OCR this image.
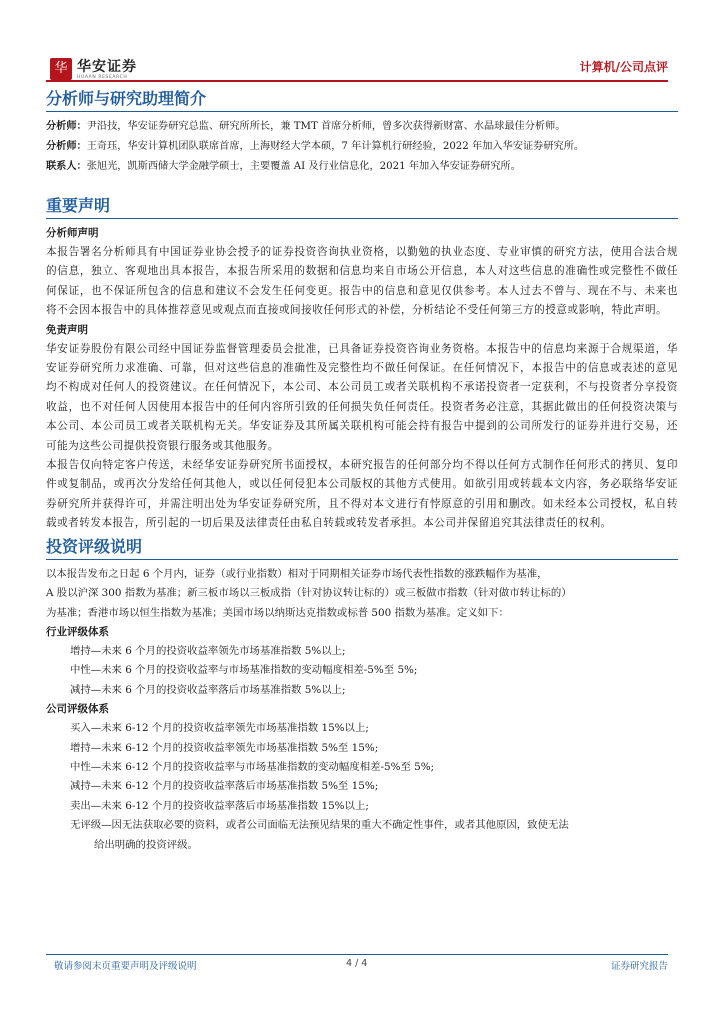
华 华安证券
HUAAN RESEARCH
计算机/公司点评
分析师与研究助理简介
分析师：尹沿技，华安证券研究总监、研究所所长，兼 TMT 首席分析师，曾多次获得新财富、水晶球最佳分析师。
分析师：王奇珏，华安计算机团队联席首席，上海财经大学本硕，7 年计算机行研经验，2022 年加入华安证券研究所。
联系人：张旭光，凯斯西储大学金融学硕士，主要覆盖 AI 及行业信息化，2021 年加入华安证券研究所。
重要声明
分析师声明

本报告署名分析师具有中国证券业协会授予的证券投资咨询执业资格，以勤勉的执业态度、专业审慎的研究方法，使用合法合规的信息，独立、客观地出具本报告，本报告所采用的数据和信息均来自市场公开信息，本人对这些信息的准确性或完整性不做任何保证，也不保证所包含的信息和建议不会发生任何变更。报告中的信息和意见仅供参考。本人过去不曾与、现在不与、未来也将不会因本报告中的具体推荐意见或观点而直接或间接收任何形式的补偿，分析结论不受任何第三方的授意或影响，特此声明。

免责声明

华安证券股份有限公司经中国证券监督管理委员会批准，已具备证券投资咨询业务资格。本报告中的信息均来源于合规渠道，华安证券研究所力求准确、可靠，但对这些信息的准确性及完整性均不做任何保证。在任何情况下，本报告中的信息或表述的意见均不构成对任何人的投资建议。在任何情况下，本公司、本公司员工或者关联机构不承诺投资者一定获利，不与投资者分享投资收益，也不对任何人因使用本报告中的任何内容所引致的任何损失负任何责任。投资者务必注意，其据此做出的任何投资决策与本公司、本公司员工或者关联机构无关。华安证券及其所属关联机构可能会持有报告中提到的公司所发行的证券并进行交易，还可能为这些公司提供投资银行服务或其他服务。

本报告仅向特定客户传送，未经华安证券研究所书面授权，本研究报告的任何部分均不得以任何方式制作任何形式的拷贝、复印件或复制品，或再次分发给任何其他人，或以任何侵犯本公司版权的其他方式使用。如欲引用或转载本文内容，务必联络华安证券研究所并获得许可，并需注明出处为华安证券研究所，且不得对本文进行有悖原意的引用和删改。如未经本公司授权，私自转载或者转发本报告，所引起的一切后果及法律责任由私自转载或转发者承担。本公司并保留追究其法律责任的权利。

投资评级说明
以本报告发布之日起 6 个月内，证券（或行业指数）相对于同期相关证券市场代表性指数的涨跌幅作为基准，
A 股以沪深 300 指数为基准；新三板市场以三板成指（针对协议转让标的）或三板做市指数（针对做市转让标的）
为基准；香港市场以恒生指数为基准；美国市场以纳斯达克指数或标普 500 指数为基准。定义如下：
行业评级体系
增持—未来 6 个月的投资收益率领先市场基准指数 5%以上;
中性—未来 6 个月的投资收益率与市场基准指数的变动幅度相差-5%至 5%;
减持—未来 6 个月的投资收益率落后市场基准指数 5%以上;
公司评级体系
买入—未来 6-12 个月的投资收益率领先市场基准指数 15%以上;
增持—未来 6-12 个月的投资收益率领先市场基准指数 5%至 15%;
中性—未来 6-12 个月的投资收益率与市场基准指数的变动幅度相差-5%至 5%;
减持—未来 6-12 个月的投资收益率落后市场基准指数 5%至 15%;
卖出—未来 6-12 个月的投资收益率落后市场基准指数 15%以上;
无评级—因无法获取必要的资料，或者公司面临无法预见结果的重大不确定性事件，或者其他原因，致使无法
给出明确的投资评级。
敬请参阅末页重要声明及评级说明	4 / 4	证券研究报告
